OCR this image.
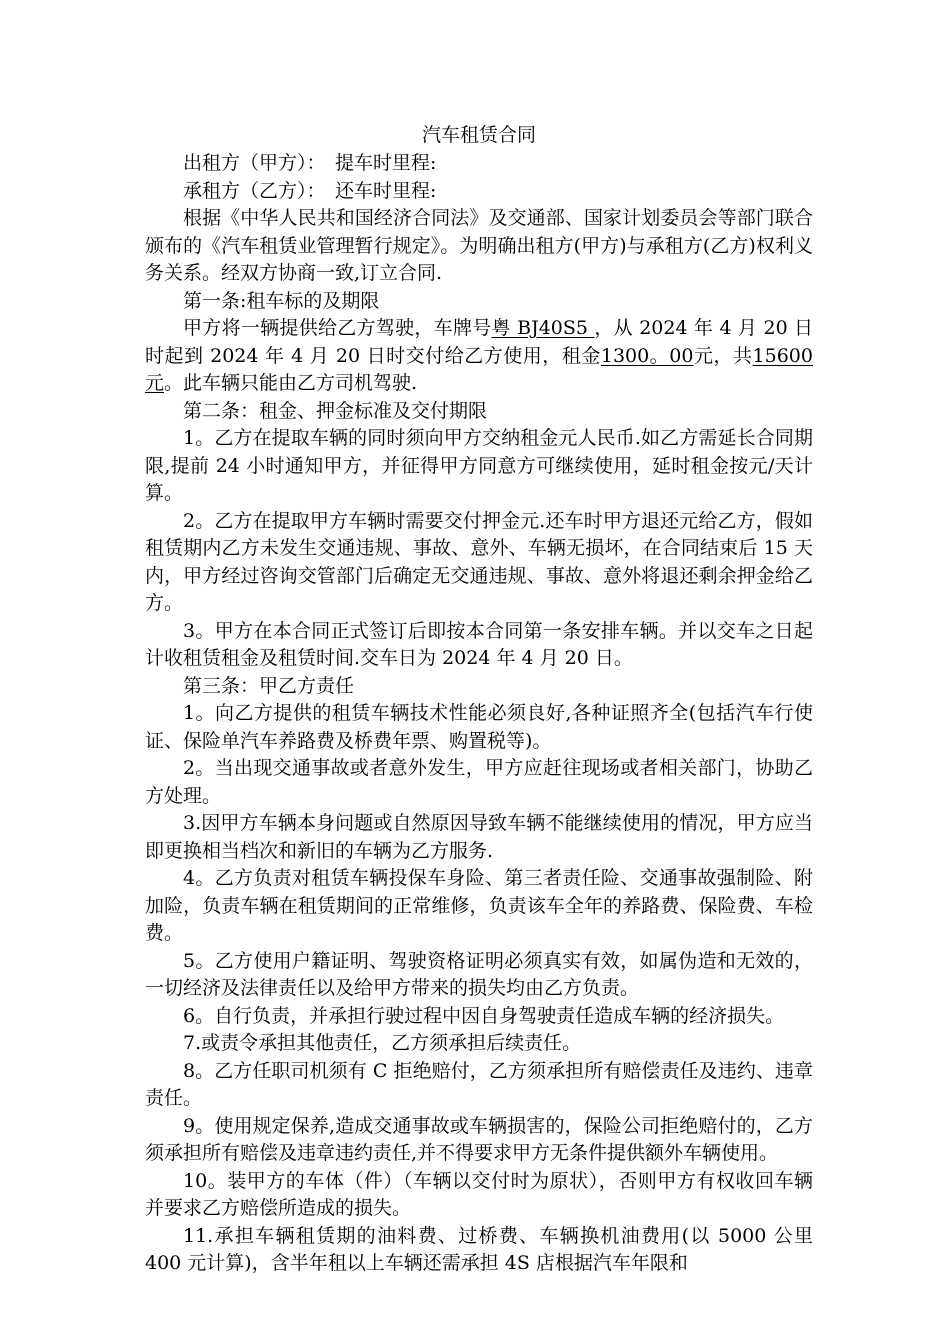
汽车租赁合同

出租方（甲方）：　提车时里程:

承租方（乙方）：　还车时里程:

根据《中华人民共和国经济合同法》及交通部、国家计划委员会等部门联合颁布的《汽车租赁业管理暂行规定》。为明确出租方(甲方)与承租方(乙方)权利义务关系。经双方协商一致,订立合同.

第一条:租车标的及期限

甲方将一辆提供给乙方驾驶，车牌号粤 BJ40S5 ，从 2024 年 4 月 20 日时起到 2024 年 4 月 20 日时交付给乙方使用，租金1300。00元，共15600 元。此车辆只能由乙方司机驾驶.

第二条：租金、押金标准及交付期限

1。乙方在提取车辆的同时须向甲方交纳租金元人民币.如乙方需延长合同期限,提前 24 小时通知甲方，并征得甲方同意方可继续使用，延时租金按元/天计算。

2。乙方在提取甲方车辆时需要交付押金元.还车时甲方退还元给乙方，假如租赁期内乙方未发生交通违规、事故、意外、车辆无损坏，在合同结束后 15 天内，甲方经过咨询交管部门后确定无交通违规、事故、意外将退还剩余押金给乙方。

3。甲方在本合同正式签订后即按本合同第一条安排车辆。并以交车之日起计收租赁租金及租赁时间.交车日为 2024 年 4 月 20 日。

第三条：甲乙方责任

1。向乙方提供的租赁车辆技术性能必须良好,各种证照齐全(包括汽车行使证、保险单汽车养路费及桥费年票、购置税等)。

2。当出现交通事故或者意外发生，甲方应赶往现场或者相关部门，协助乙方处理。

3.因甲方车辆本身问题或自然原因导致车辆不能继续使用的情况，甲方应当即更换相当档次和新旧的车辆为乙方服务.

4。乙方负责对租赁车辆投保车身险、第三者责任险、交通事故强制险、附加险，负责车辆在租赁期间的正常维修，负责该车全年的养路费、保险费、车检费。

5。乙方使用户籍证明、驾驶资格证明必须真实有效，如属伪造和无效的，一切经济及法律责任以及给甲方带来的损失均由乙方负责。

6。自行负责，并承担行驶过程中因自身驾驶责任造成车辆的经济损失。

7.或责令承担其他责任，乙方须承担后续责任。

8。乙方任职司机须有 C 拒绝赔付，乙方须承担所有赔偿责任及违约、违章责任。

9。使用规定保养,造成交通事故或车辆损害的，保险公司拒绝赔付的，乙方须承担所有赔偿及违章违约责任,并不得要求甲方无条件提供额外车辆使用。

10。装甲方的车体（件）（车辆以交付时为原状），否则甲方有权收回车辆并要求乙方赔偿所造成的损失。

11.承担车辆租赁期的油料费、过桥费、车辆换机油费用(以 5000 公里 400 元计算)，含半年租以上车辆还需承担 4S 店根据汽车年限和
